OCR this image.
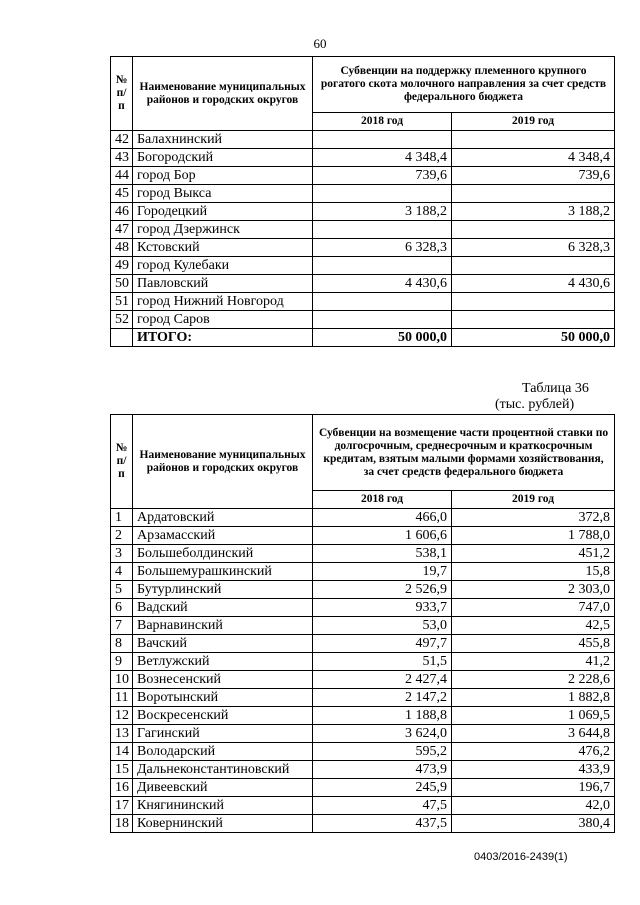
60
№ п/п	Наименование муниципальных районов и городских округов	Субвенции на поддержку племенного крупного рогатого скота молочного направления за счет средств федерального бюджета	
		2018 год	2019 год
42	Балахнинский		
43	Богородский	4 348,4	4 348,4
44	город Бор	739,6	739,6
45	город Выкса		
46	Городецкий	3 188,2	3 188,2
47	город Дзержинск		
48	Кстовский	6 328,3	6 328,3
49	город Кулебаки		
50	Павловский	4 430,6	4 430,6
51	город Нижний Новгород		
52	город Саров		
	ИТОГО:	50 000,0	50 000,0
Таблица 36
(тыс. рублей)
№ п/п	Наименование муниципальных районов и городских округов	Субвенции на возмещение части процентной ставки по долгосрочным, среднесрочным и краткосрочным кредитам, взятым малыми формами хозяйствования, за счет средств федерального бюджета	
		2018 год	2019 год
1	Ардатовский	466,0	372,8
2	Арзамасский	1 606,6	1 788,0
3	Большеболдинский	538,1	451,2
4	Большемурашкинский	19,7	15,8
5	Бутурлинский	2 526,9	2 303,0
6	Вадский	933,7	747,0
7	Варнавинский	53,0	42,5
8	Вачский	497,7	455,8
9	Ветлужский	51,5	41,2
10	Вознесенский	2 427,4	2 228,6
11	Воротынский	2 147,2	1 882,8
12	Воскресенский	1 188,8	1 069,5
13	Гагинский	3 624,0	3 644,8
14	Володарский	595,2	476,2
15	Дальнеконстантиновский	473,9	433,9
16	Дивеевский	245,9	196,7
17	Княгининский	47,5	42,0
18	Ковернинский	437,5	380,4
0403/2016-2439(1)
